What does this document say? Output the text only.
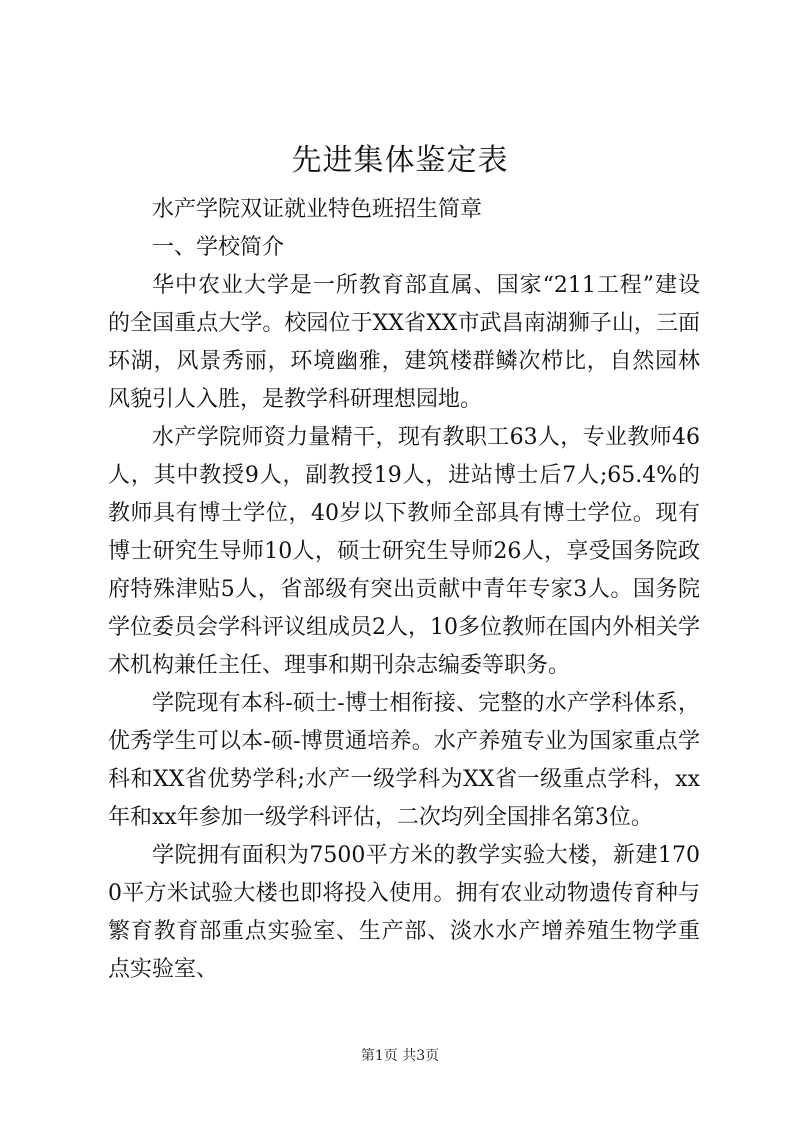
先进集体鉴定表

水产学院双证就业特色班招生简章

一、学校简介

华中农业大学是一所教育部直属、国家“211工程”建设的全国重点大学。校园位于XX省XX市武昌南湖狮子山，三面环湖，风景秀丽，环境幽雅，建筑楼群鳞次栉比，自然园林风貌引人入胜，是教学科研理想园地。

水产学院师资力量精干，现有教职工63人，专业教师46人，其中教授9人，副教授19人，进站博士后7人;65.4%的教师具有博士学位，40岁以下教师全部具有博士学位。现有博士研究生导师10人，硕士研究生导师26人，享受国务院政府特殊津贴5人，省部级有突出贡献中青年专家3人。国务院学位委员会学科评议组成员2人，10多位教师在国内外相关学术机构兼任主任、理事和期刊杂志编委等职务。

学院现有本科-硕士-博士相衔接、完整的水产学科体系，优秀学生可以本-硕-博贯通培养。水产养殖专业为国家重点学科和XX省优势学科;水产一级学科为XX省一级重点学科，xx年和xx年参加一级学科评估，二次均列全国排名第3位。

学院拥有面积为7500平方米的教学实验大楼，新建1700平方米试验大楼也即将投入使用。拥有农业动物遗传育种与繁育教育部重点实验室、生产部、淡水水产增养殖生物学重点实验室、

第1页 共3页
